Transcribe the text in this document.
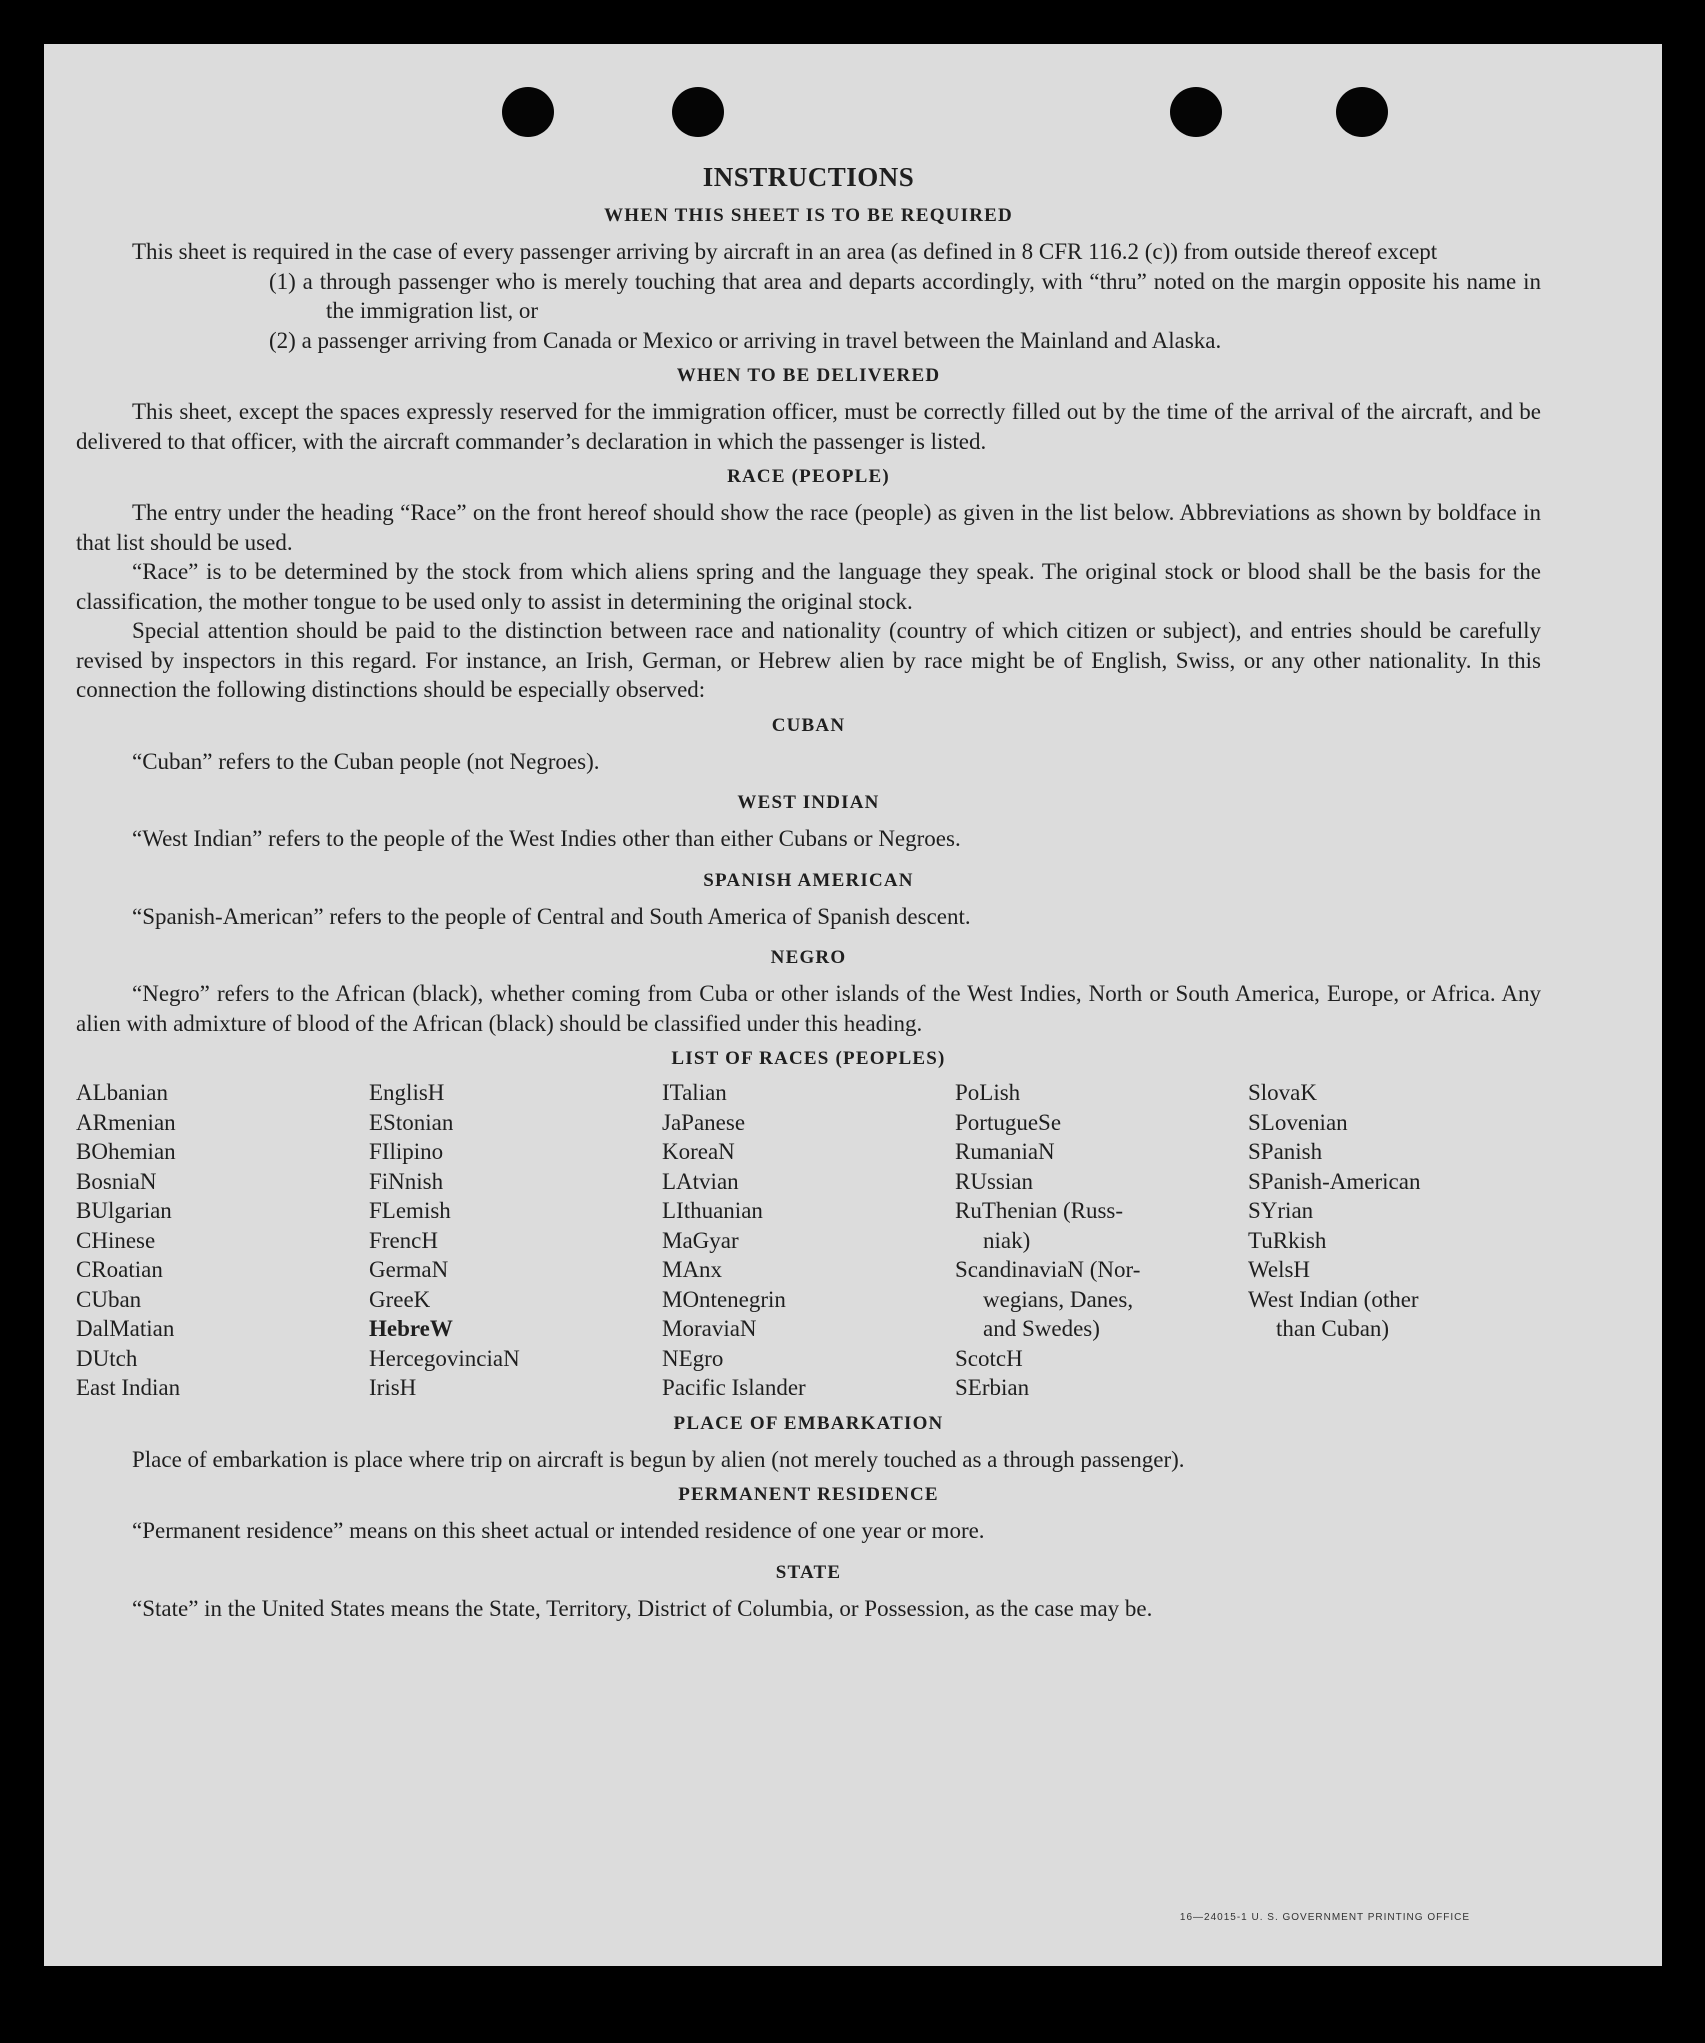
INSTRUCTIONS
WHEN THIS SHEET IS TO BE REQUIRED

This sheet is required in the case of every passenger arriving by aircraft in an area (as defined in 8 CFR 116.2 (c)) from outside thereof except

(1) a through passenger who is merely touching that area and departs accordingly, with “thru” noted on the margin opposite his name in the immigration list, or

(2) a passenger arriving from Canada or Mexico or arriving in travel between the Mainland and Alaska.

WHEN TO BE DELIVERED

This sheet, except the spaces expressly reserved for the immigration officer, must be correctly filled out by the time of the arrival of the aircraft, and be delivered to that officer, with the aircraft commander’s declaration in which the passenger is listed.

RACE (PEOPLE)

The entry under the heading “Race” on the front hereof should show the race (people) as given in the list below. Abbreviations as shown by boldface in that list should be used.

“Race” is to be determined by the stock from which aliens spring and the language they speak. The original stock or blood shall be the basis for the classification, the mother tongue to be used only to assist in determining the original stock.

Special attention should be paid to the distinction between race and nationality (country of which citizen or subject), and entries should be carefully revised by inspectors in this regard. For instance, an Irish, German, or Hebrew alien by race might be of English, Swiss, or any other nationality. In this connection the following distinctions should be especially observed:

CUBAN

“Cuban” refers to the Cuban people (not Negroes).

WEST INDIAN

“West Indian” refers to the people of the West Indies other than either Cubans or Negroes.

SPANISH AMERICAN

“Spanish-American” refers to the people of Central and South America of Spanish descent.

NEGRO

“Negro” refers to the African (black), whether coming from Cuba or other islands of the West Indies, North or South America, Europe, or Africa. Any alien with admixture of blood of the African (black) should be classified under this heading.

LIST OF RACES (PEOPLES)
ALbanian
ARmenian
BOhemian
BosniaN
BUlgarian
CHinese
CRoatian
CUban
DalMatian
DUtch
East Indian
EnglisH
EStonian
FIlipino
FiNnish
FLemish
FrencH
GermaN
GreeK
HebreW
HercegovinciaN
IrisH
ITalian
JaPanese
KoreaN
LAtvian
LIthuanian
MaGyar
MAnx
MOntenegrin
MoraviaN
NEgro
Pacific Islander
PoLish
PortugueSe
RumaniaN
RUssian
RuThenian (Russ-
niak)
ScandinaviaN (Nor-
wegians, Danes,
and Swedes)
ScotcH
SErbian
SlovaK
SLovenian
SPanish
SPanish-American
SYrian
TuRkish
WelsH
West Indian (other
than Cuban)
PLACE OF EMBARKATION

Place of embarkation is place where trip on aircraft is begun by alien (not merely touched as a through passenger).

PERMANENT RESIDENCE

“Permanent residence” means on this sheet actual or intended residence of one year or more.

STATE

“State” in the United States means the State, Territory, District of Columbia, or Possession, as the case may be.

16—24015-1 U. S. GOVERNMENT PRINTING OFFICE
